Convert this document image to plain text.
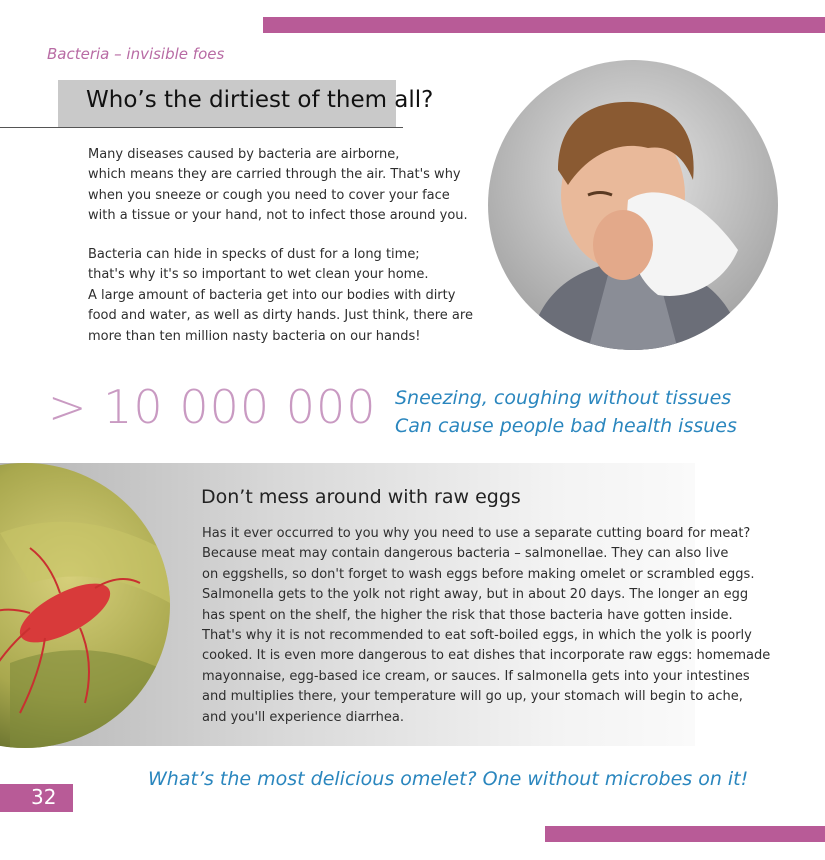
Bacteria – invisible foes
Who’s the dirtiest of them all?
Many diseases caused by bacteria are airborne,
which means they are carried through the air. That's why
when you sneeze or cough you need to cover your face
with a tissue or your hand, not to infect those around you.
Bacteria can hide in specks of dust for a long time;
that's why it's so important to wet clean your home.
A large amount of bacteria get into our bodies with dirty
food and water, as well as dirty hands. Just think, there are
more than ten million nasty bacteria on our hands!
> 10 000 000 Sneezing, coughing without tissues
Can cause people bad health issues
Don’t mess around with raw eggs
Has it ever occurred to you why you need to use a separate cutting board for meat?
Because meat may contain dangerous bacteria – salmonellae. They can also live
on eggshells, so don't forget to wash eggs before making omelet or scrambled eggs.
Salmonella gets to the yolk not right away, but in about 20 days. The longer an egg
has spent on the shelf, the higher the risk that those bacteria have gotten inside.
That's why it is not recommended to eat soft-boiled eggs, in which the yolk is poorly
cooked. It is even more dangerous to eat dishes that incorporate raw eggs: homemade
mayonnaise, egg-based ice cream, or sauces. If salmonella gets into your intestines
and multiplies there, your temperature will go up, your stomach will begin to ache,
and you'll experience diarrhea.
What’s the most delicious omelet? One without microbes on it!
32
